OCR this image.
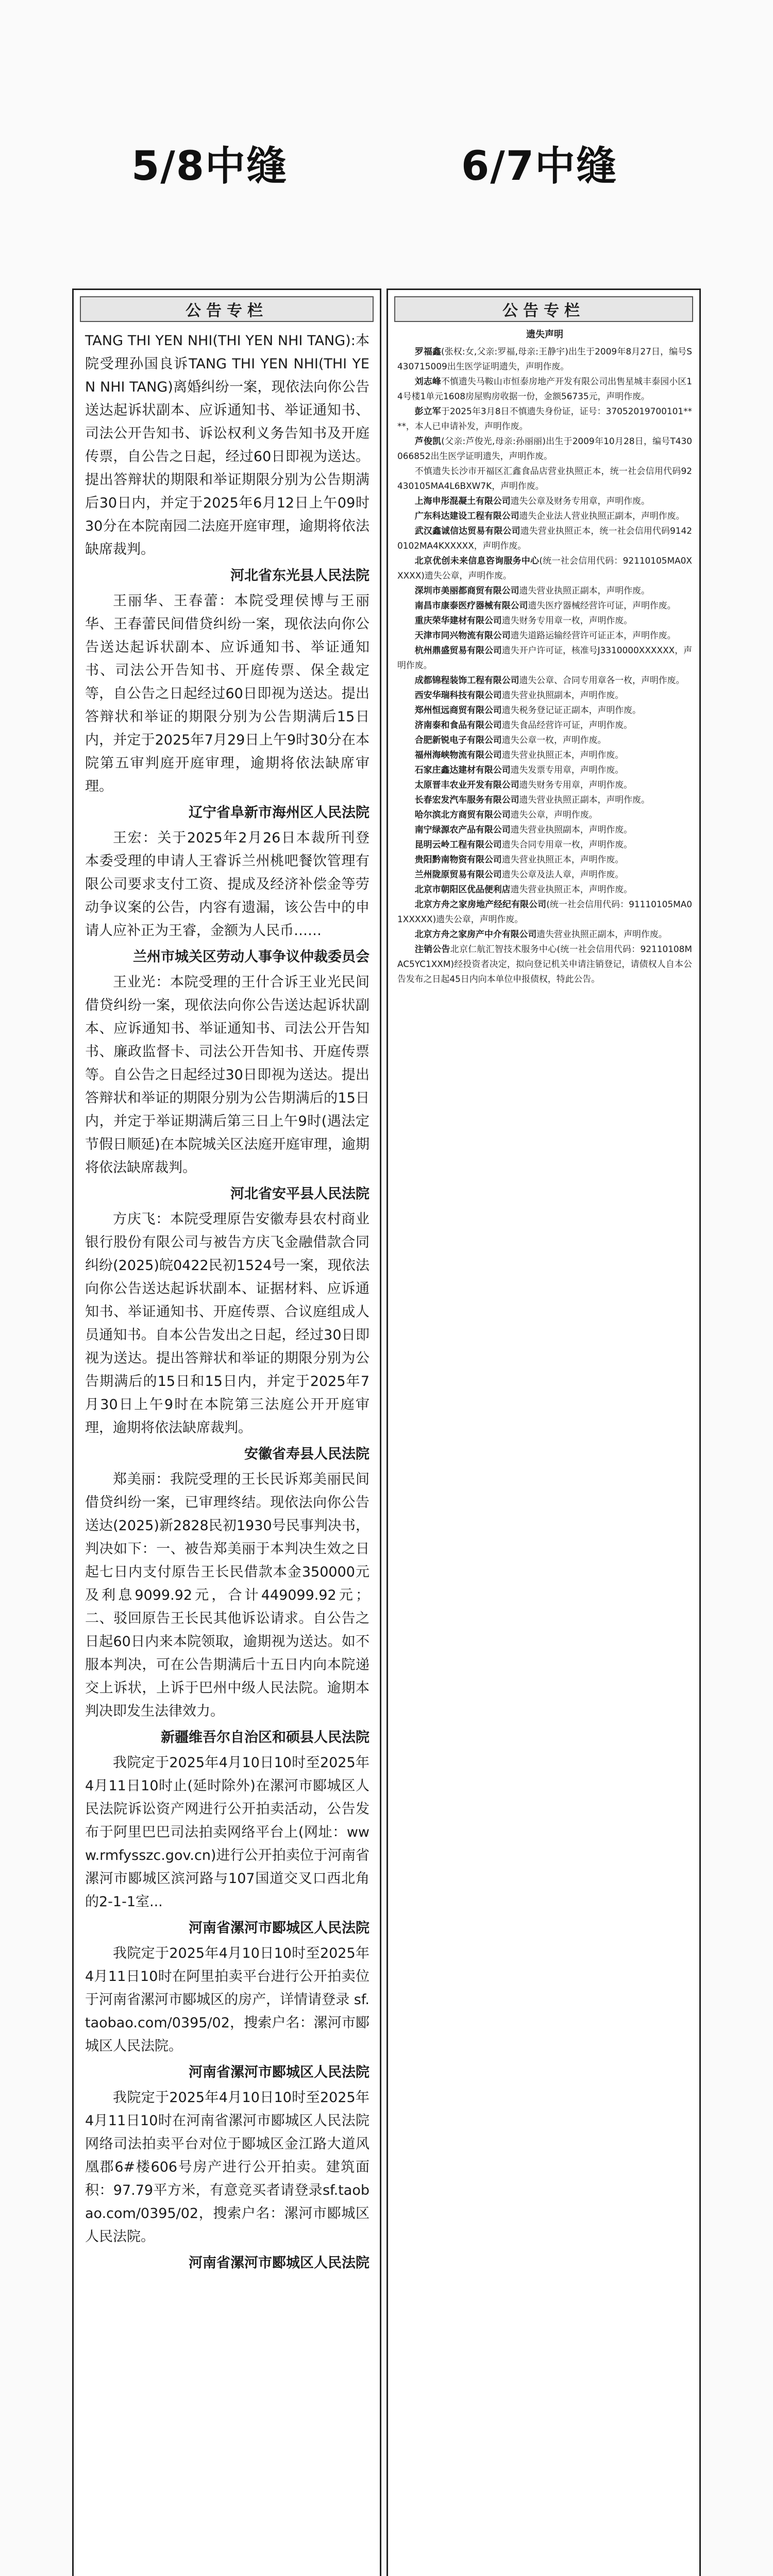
5/8中缝	6/7中缝
公告专栏

TANG THI YEN NHI(THI YEN NHI TANG):本院受理孙国良诉TANG THI YEN NHI(THI YEN NHI TANG)离婚纠纷一案，现依法向你公告送达起诉状副本、应诉通知书、举证通知书、司法公开告知书、诉讼权利义务告知书及开庭传票，自公告之日起，经过60日即视为送达。提出答辩状的期限和举证期限分别为公告期满后30日内，并定于2025年6月12日上午09时30分在本院南园二法庭开庭审理，逾期将依法缺席裁判。

河北省东光县人民法院

王丽华、王春蕾：本院受理侯博与王丽华、王春蕾民间借贷纠纷一案，现依法向你公告送达起诉状副本、应诉通知书、举证通知书、司法公开告知书、开庭传票、保全裁定等，自公告之日起经过60日即视为送达。提出答辩状和举证的期限分别为公告期满后15日内，并定于2025年7月29日上午9时30分在本院第五审判庭开庭审理，逾期将依法缺席审理。

辽宁省阜新市海州区人民法院

王宏：关于2025年2月26日本裁所刊登本委受理的申请人王睿诉兰州桃吧餐饮管理有限公司要求支付工资、提成及经济补偿金等劳动争议案的公告，内容有遗漏，该公告中的申请人应补正为王睿，金额为人民币……

兰州市城关区劳动人事争议仲裁委员会

王业光：本院受理的王什合诉王业光民间借贷纠纷一案，现依法向你公告送达起诉状副本、应诉通知书、举证通知书、司法公开告知书、廉政监督卡、司法公开告知书、开庭传票等。自公告之日起经过30日即视为送达。提出答辩状和举证的期限分别为公告期满后的15日内，并定于举证期满后第三日上午9时(遇法定节假日顺延)在本院城关区法庭开庭审理，逾期将依法缺席裁判。

河北省安平县人民法院

方庆飞：本院受理原告安徽寿县农村商业银行股份有限公司与被告方庆飞金融借款合同纠纷(2025)皖0422民初1524号一案，现依法向你公告送达起诉状副本、证据材料、应诉通知书、举证通知书、开庭传票、合议庭组成人员通知书。自本公告发出之日起，经过30日即视为送达。提出答辩状和举证的期限分别为公告期满后的15日和15日内，并定于2025年7月30日上午9时在本院第三法庭公开开庭审理，逾期将依法缺席裁判。

安徽省寿县人民法院

郑美丽：我院受理的王长民诉郑美丽民间借贷纠纷一案，已审理终结。现依法向你公告送达(2025)新2828民初1930号民事判决书，判决如下：一、被告郑美丽于本判决生效之日起七日内支付原告王长民借款本金350000元及利息9099.92元，合计449099.92元；二、驳回原告王长民其他诉讼请求。自公告之日起60日内来本院领取，逾期视为送达。如不服本判决，可在公告期满后十五日内向本院递交上诉状，上诉于巴州中级人民法院。逾期本判决即发生法律效力。

新疆维吾尔自治区和硕县人民法院

我院定于2025年4月10日10时至2025年4月11日10时止(延时除外)在漯河市郾城区人民法院诉讼资产网进行公开拍卖活动，公告发布于阿里巴巴司法拍卖网络平台上(网址：www.rmfysszc.gov.cn)进行公开拍卖位于河南省漯河市郾城区滨河路与107国道交叉口西北角的2-1-1室...

河南省漯河市郾城区人民法院

我院定于2025年4月10日10时至2025年4月11日10时在阿里拍卖平台进行公开拍卖位于河南省漯河市郾城区的房产，详情请登录 sf.taobao.com/0395/02，搜索户名：漯河市郾城区人民法院。

河南省漯河市郾城区人民法院

我院定于2025年4月10日10时至2025年4月11日10时在河南省漯河市郾城区人民法院网络司法拍卖平台对位于郾城区金江路大道风凰郡6#楼606号房产进行公开拍卖。建筑面积：97.79平方米，有意竞买者请登录sf.taobao.com/0395/02，搜索户名：漯河市郾城区人民法院。

河南省漯河市郾城区人民法院

公告专栏
遗失声明

罗福鑫(张权:女,父亲:罗福,母亲:王静宇)出生于2009年8月27日，编号S430715009出生医学证明遗失，声明作废。

刘志峰不慎遗失马鞍山市恒泰房地产开发有限公司出售星城丰泰园小区14号楼1单元1608房屋购房收据一份，金额56735元，声明作废。

彭立军于2025年3月8日不慎遗失身份证，证号：37052019700101****，本人已申请补发，声明作废。

芦俊凯(父亲:芦俊光,母亲:孙丽丽)出生于2009年10月28日，编号T430066852出生医学证明遗失，声明作废。

不慎遗失长沙市开福区汇鑫食品店营业执照正本，统一社会信用代码92430105MA4L6BXW7K，声明作废。

上海申彤混凝土有限公司遗失公章及财务专用章，声明作废。

广东科达建设工程有限公司遗失企业法人营业执照正副本，声明作废。

武汉鑫诚信达贸易有限公司遗失营业执照正本，统一社会信用代码91420102MA4KXXXXX，声明作废。

北京优创未来信息咨询服务中心(统一社会信用代码：92110105MA0XXXXX)遗失公章，声明作废。

深圳市美丽都商贸有限公司遗失营业执照正副本，声明作废。

南昌市康泰医疗器械有限公司遗失医疗器械经营许可证，声明作废。

重庆荣华建材有限公司遗失财务专用章一枚，声明作废。

天津市同兴物流有限公司遗失道路运输经营许可证正本，声明作废。

杭州鼎盛贸易有限公司遗失开户许可证，核准号J3310000XXXXXX，声明作废。

成都锦程装饰工程有限公司遗失公章、合同专用章各一枚，声明作废。

西安华瑞科技有限公司遗失营业执照副本，声明作废。

郑州恒远商贸有限公司遗失税务登记证正副本，声明作废。

济南泰和食品有限公司遗失食品经营许可证，声明作废。

合肥新锐电子有限公司遗失公章一枚，声明作废。

福州海峡物流有限公司遗失营业执照正本，声明作废。

石家庄鑫达建材有限公司遗失发票专用章，声明作废。

太原晋丰农业开发有限公司遗失财务专用章，声明作废。

长春宏发汽车服务有限公司遗失营业执照正副本，声明作废。

哈尔滨北方商贸有限公司遗失公章，声明作废。

南宁绿源农产品有限公司遗失营业执照副本，声明作废。

昆明云岭工程有限公司遗失合同专用章一枚，声明作废。

贵阳黔南物资有限公司遗失营业执照正本，声明作废。

兰州陇原贸易有限公司遗失公章及法人章，声明作废。

北京市朝阳区优品便利店遗失营业执照正本，声明作废。

北京方舟之家房地产经纪有限公司(统一社会信用代码：91110105MA01XXXXX)遗失公章，声明作废。

北京方舟之家房产中介有限公司遗失营业执照正副本，声明作废。

注销公告北京仁航汇智技术服务中心(统一社会信用代码：92110108MAC5YC1XXM)经投资者决定，拟向登记机关申请注销登记，请债权人自本公告发布之日起45日内向本单位申报债权，特此公告。
